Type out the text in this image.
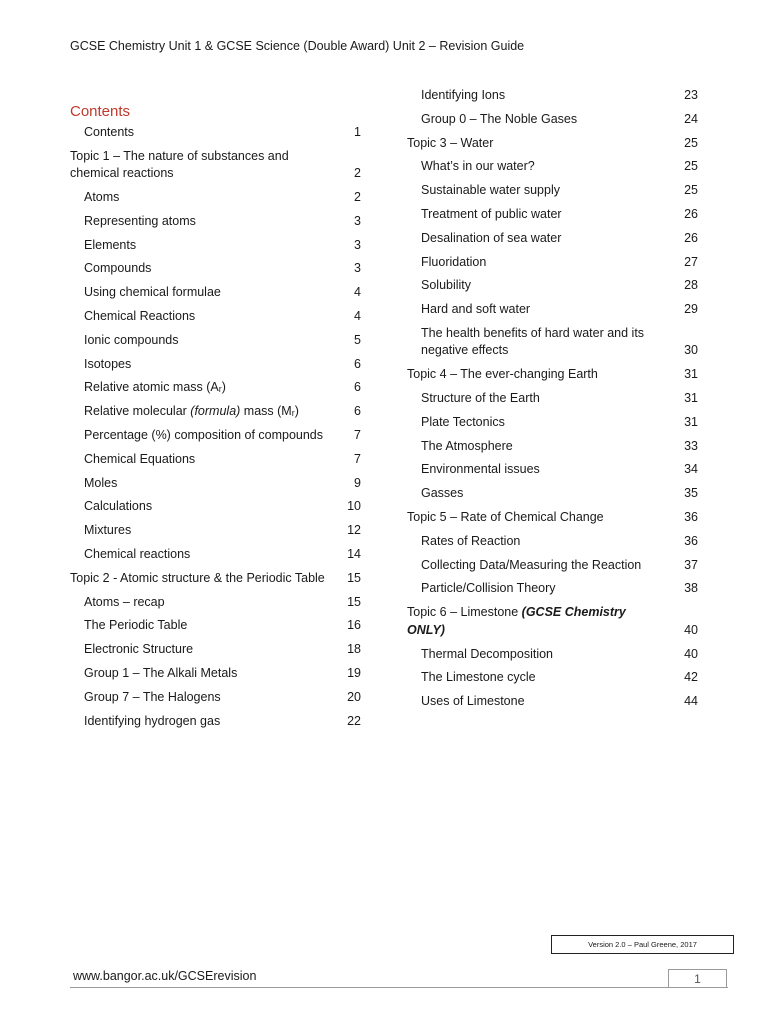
GCSE Chemistry Unit 1 & GCSE Science (Double Award) Unit 2 – Revision Guide
Contents
Contents	1
Topic 1 – The nature of substances and chemical reactions	2
Atoms	2
Representing atoms	3
Elements	3
Compounds	3
Using chemical formulae	4
Chemical Reactions	4
Ionic compounds	5
Isotopes	6
Relative atomic mass (Aᵣ)	6
Relative molecular (formula) mass (Mᵣ)	6
Percentage (%) composition of compounds	7
Chemical Equations	7
Moles	9
Calculations	10
Mixtures	12
Chemical reactions	14
Topic 2 - Atomic structure & the Periodic Table	15
Atoms – recap	15
The Periodic Table	16
Electronic Structure	18
Group 1 – The Alkali Metals	19
Group 7 – The Halogens	20
Identifying hydrogen gas	22
Identifying Ions	23
Group 0 – The Noble Gases	24
Topic 3 – Water	25
What’s in our water?	25
Sustainable water supply	25
Treatment of public water	26
Desalination of sea water	26
Fluoridation	27
Solubility	28
Hard and soft water	29
The health benefits of hard water and its negative effects	30
Topic 4 – The ever-changing Earth	31
Structure of the Earth	31
Plate Tectonics	31
The Atmosphere	33
Environmental issues	34
Gasses	35
Topic 5 – Rate of Chemical Change	36
Rates of Reaction	36
Collecting Data/Measuring the Reaction	37
Particle/Collision Theory	38
Topic 6 – Limestone (GCSE Chemistry ONLY)	40
Thermal Decomposition	40
The Limestone cycle	42
Uses of Limestone	44
Version 2.0 – Paul Greene, 2017
www.bangor.ac.uk/GCSErevision	1
